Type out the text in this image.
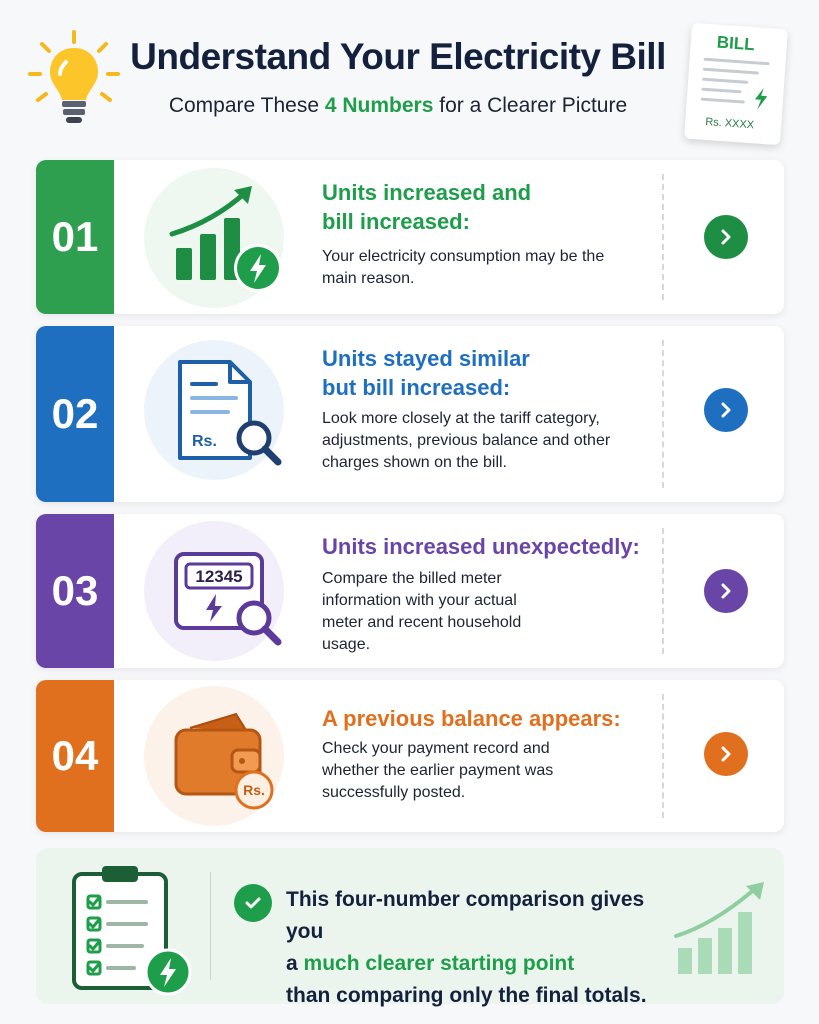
Understand Your Electricity Bill
Compare These 4 Numbers for a Clearer Picture
BILL
Rs. XXXX
01
Units increased and
bill increased:
Your electricity consumption may be the main reason.
02
Rs.
Units stayed similar
but bill increased:
Look more closely at the tariff category, adjustments, previous balance and other charges shown on the bill.
03	12345
Units increased unexpectedly:
Compare the billed meter information with your actual meter and recent household usage.
04
Rs.
A previous balance appears:
Check your payment record and whether the earlier payment was successfully posted.
This four-number comparison gives you
a much clearer starting point
than comparing only the final totals.
